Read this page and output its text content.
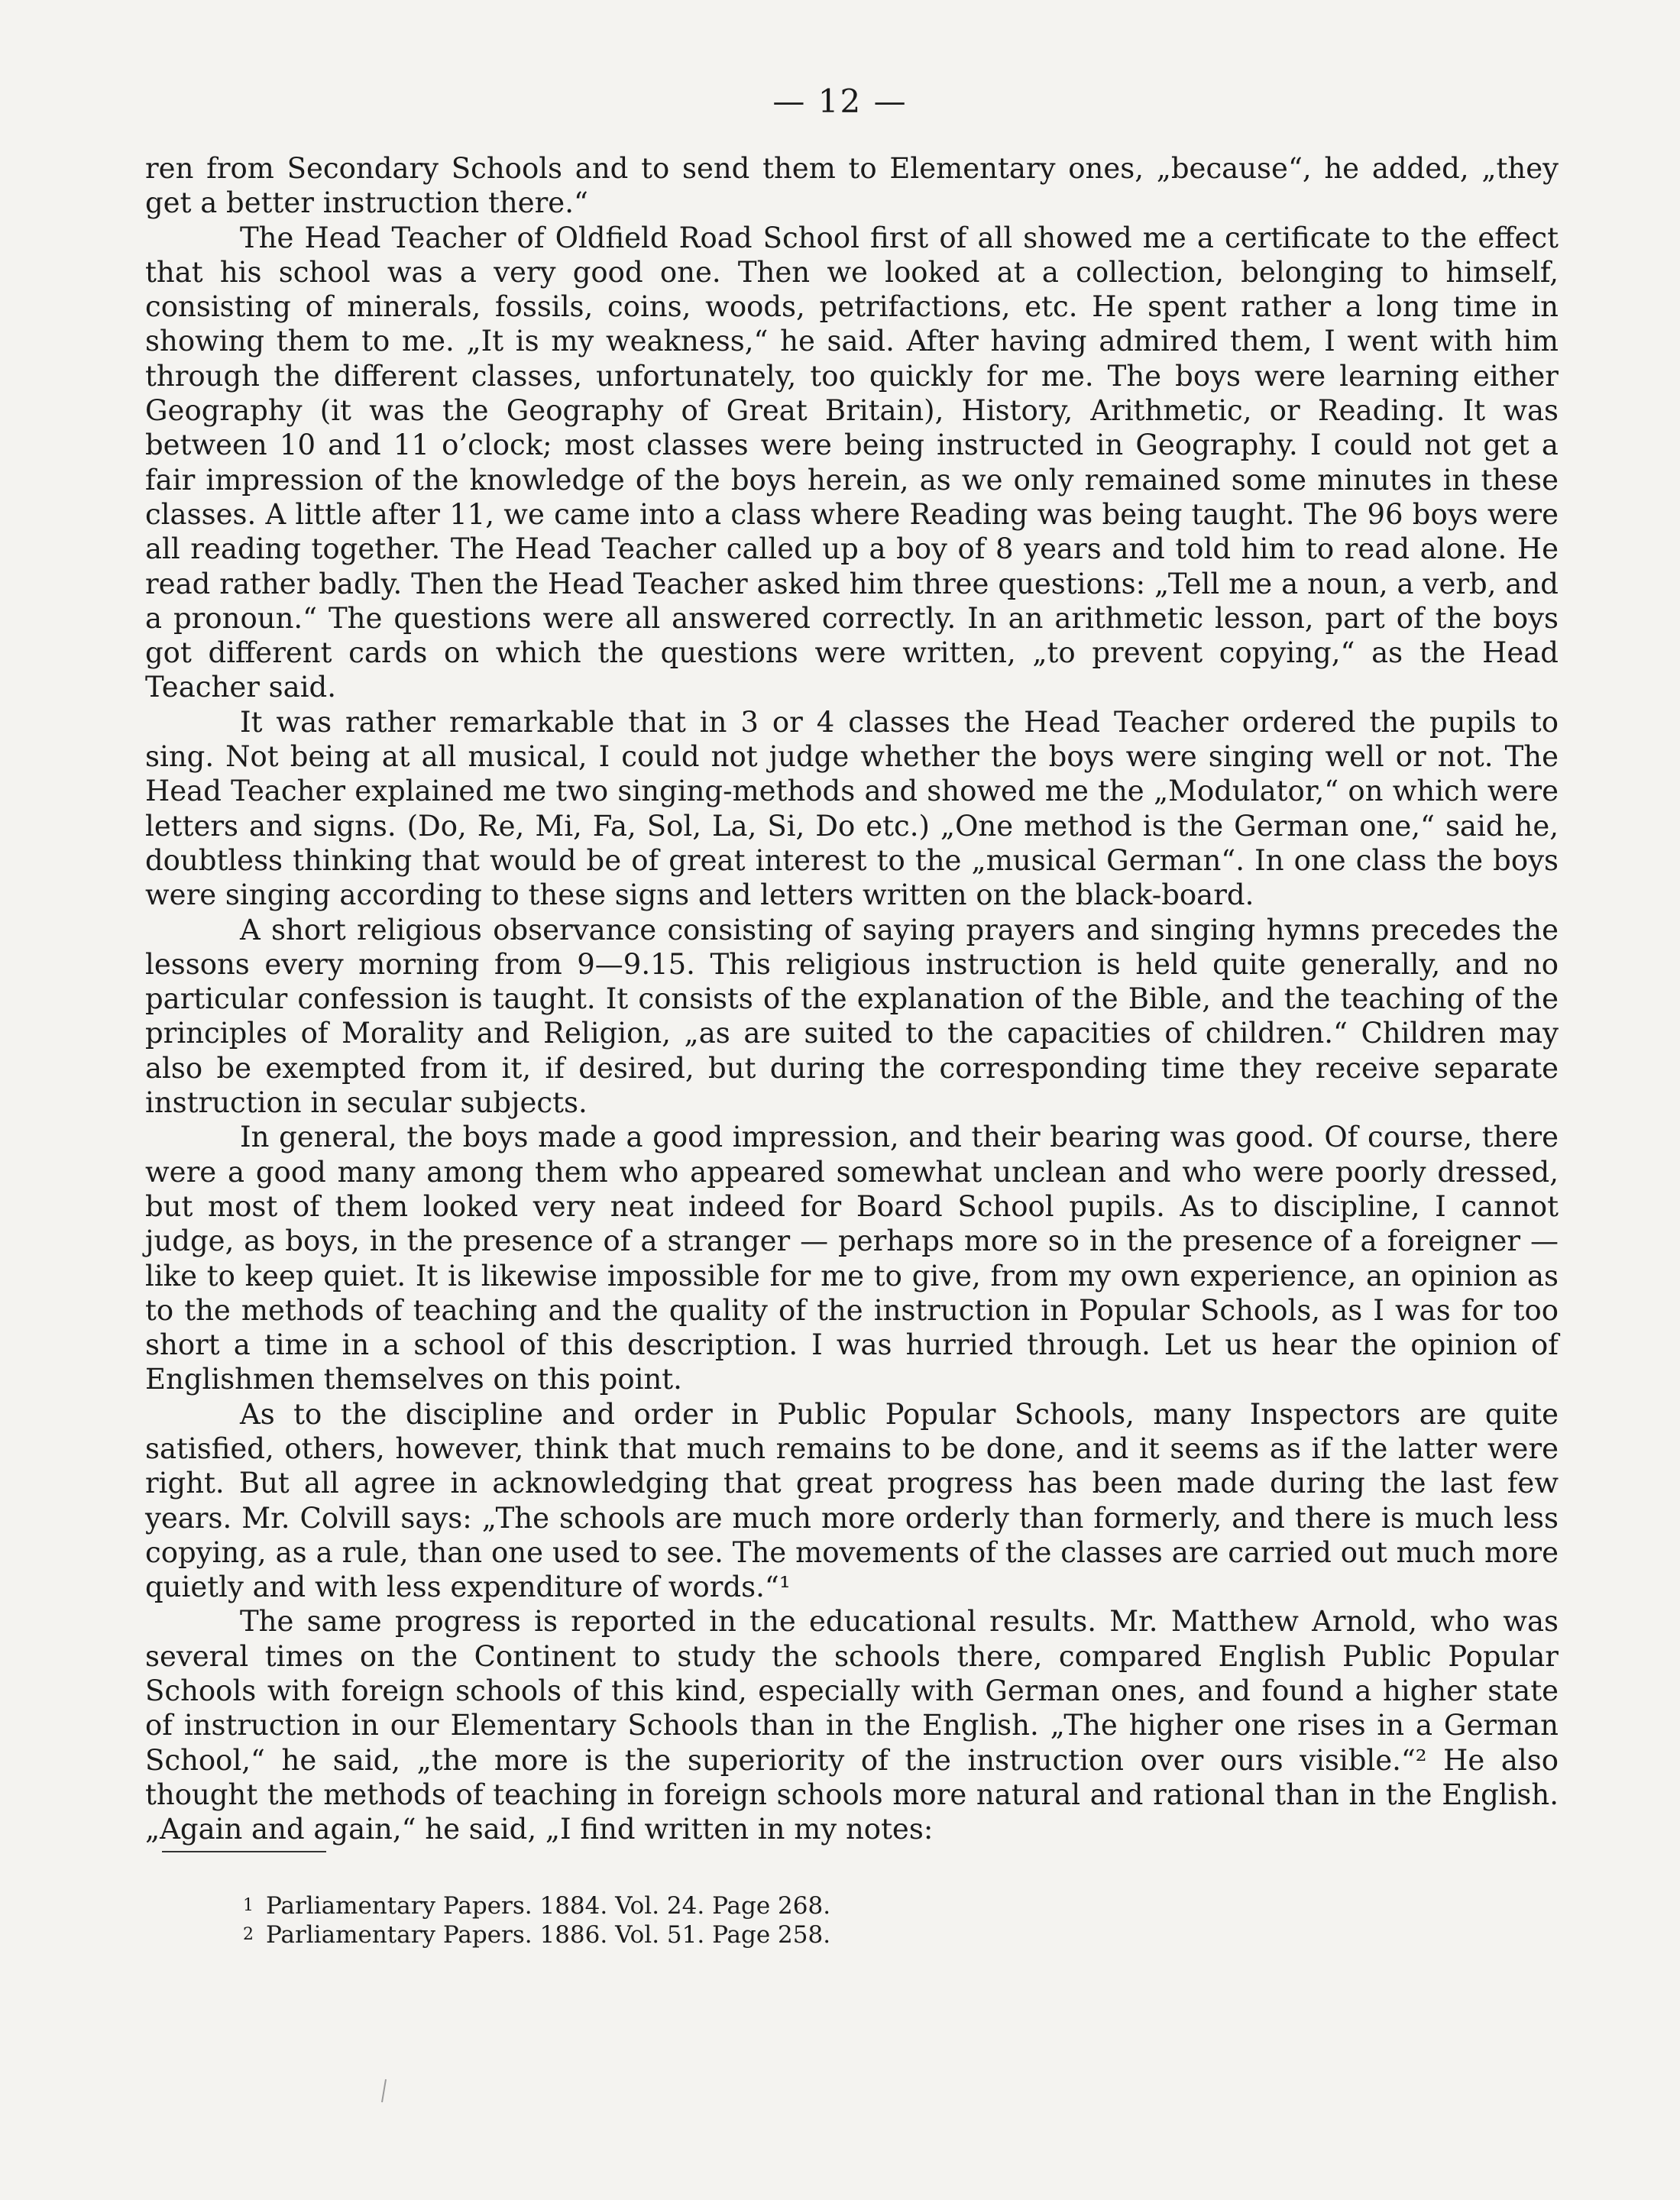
— 12 —

ren from Secondary Schools and to send them to Elementary ones, „because“, he added, „they get a better instruction there.“

The Head Teacher of Oldfield Road School first of all showed me a certificate to the effect that his school was a very good one. Then we looked at a collection, belonging to himself, consisting of minerals, fossils, coins, woods, petrifactions, etc. He spent rather a long time in showing them to me. „It is my weakness,“ he said. After having admired them, I went with him through the different classes, unfortunately, too quickly for me. The boys were learning either Geography (it was the Geography of Great Britain), History, Arithmetic, or Reading. It was between 10 and 11 o’clock; most classes were being instructed in Geography. I could not get a fair impression of the knowledge of the boys herein, as we only remained some minutes in these classes. A little after 11, we came into a class where Reading was being taught. The 96 boys were all reading together. The Head Teacher called up a boy of 8 years and told him to read alone. He read rather badly. Then the Head Teacher asked him three questions: „Tell me a noun, a verb, and a pronoun.“ The questions were all answered correctly. In an arithmetic lesson, part of the boys got different cards on which the questions were written, „to prevent copying,“ as the Head Teacher said.

It was rather remarkable that in 3 or 4 classes the Head Teacher ordered the pupils to sing. Not being at all musical, I could not judge whether the boys were singing well or not. The Head Teacher explained me two singing-methods and showed me the „Modulator,“ on which were letters and signs. (Do, Re, Mi, Fa, Sol, La, Si, Do etc.) „One method is the German one,“ said he, doubtless thinking that would be of great interest to the „musical German“. In one class the boys were singing according to these signs and letters written on the black-board.

A short religious observance consisting of saying prayers and singing hymns precedes the lessons every morning from 9—9.15. This religious instruction is held quite generally, and no particular confession is taught. It consists of the explanation of the Bible, and the teaching of the principles of Morality and Religion, „as are suited to the capacities of children.“ Children may also be exempted from it, if desired, but during the corresponding time they receive separate instruction in secular subjects.

In general, the boys made a good impression, and their bearing was good. Of course, there were a good many among them who appeared somewhat unclean and who were poorly dressed, but most of them looked very neat indeed for Board School pupils. As to discipline, I cannot judge, as boys, in the presence of a stranger — perhaps more so in the presence of a foreigner — like to keep quiet. It is likewise impossible for me to give, from my own experience, an opinion as to the methods of teaching and the quality of the instruction in Popular Schools, as I was for too short a time in a school of this description. I was hurried through. Let us hear the opinion of Englishmen themselves on this point.

As to the discipline and order in Public Popular Schools, many Inspectors are quite satisfied, others, however, think that much remains to be done, and it seems as if the latter were right. But all agree in acknowledging that great progress has been made during the last few years. Mr. Colvill says: „The schools are much more orderly than formerly, and there is much less copying, as a rule, than one used to see. The movements of the classes are carried out much more quietly and with less expenditure of words.“¹

The same progress is reported in the educational results. Mr. Matthew Arnold, who was several times on the Continent to study the schools there, compared English Public Popular Schools with foreign schools of this kind, especially with German ones, and found a higher state of instruction in our Elementary Schools than in the English. „The higher one rises in a German School,“ he said, „the more is the superiority of the instruction over ours visible.“² He also thought the methods of teaching in foreign schools more natural and rational than in the English. „Again and again,“ he said, „I find written in my notes:

1 Parliamentary Papers. 1884. Vol. 24. Page 268.
2 Parliamentary Papers. 1886. Vol. 51. Page 258.
